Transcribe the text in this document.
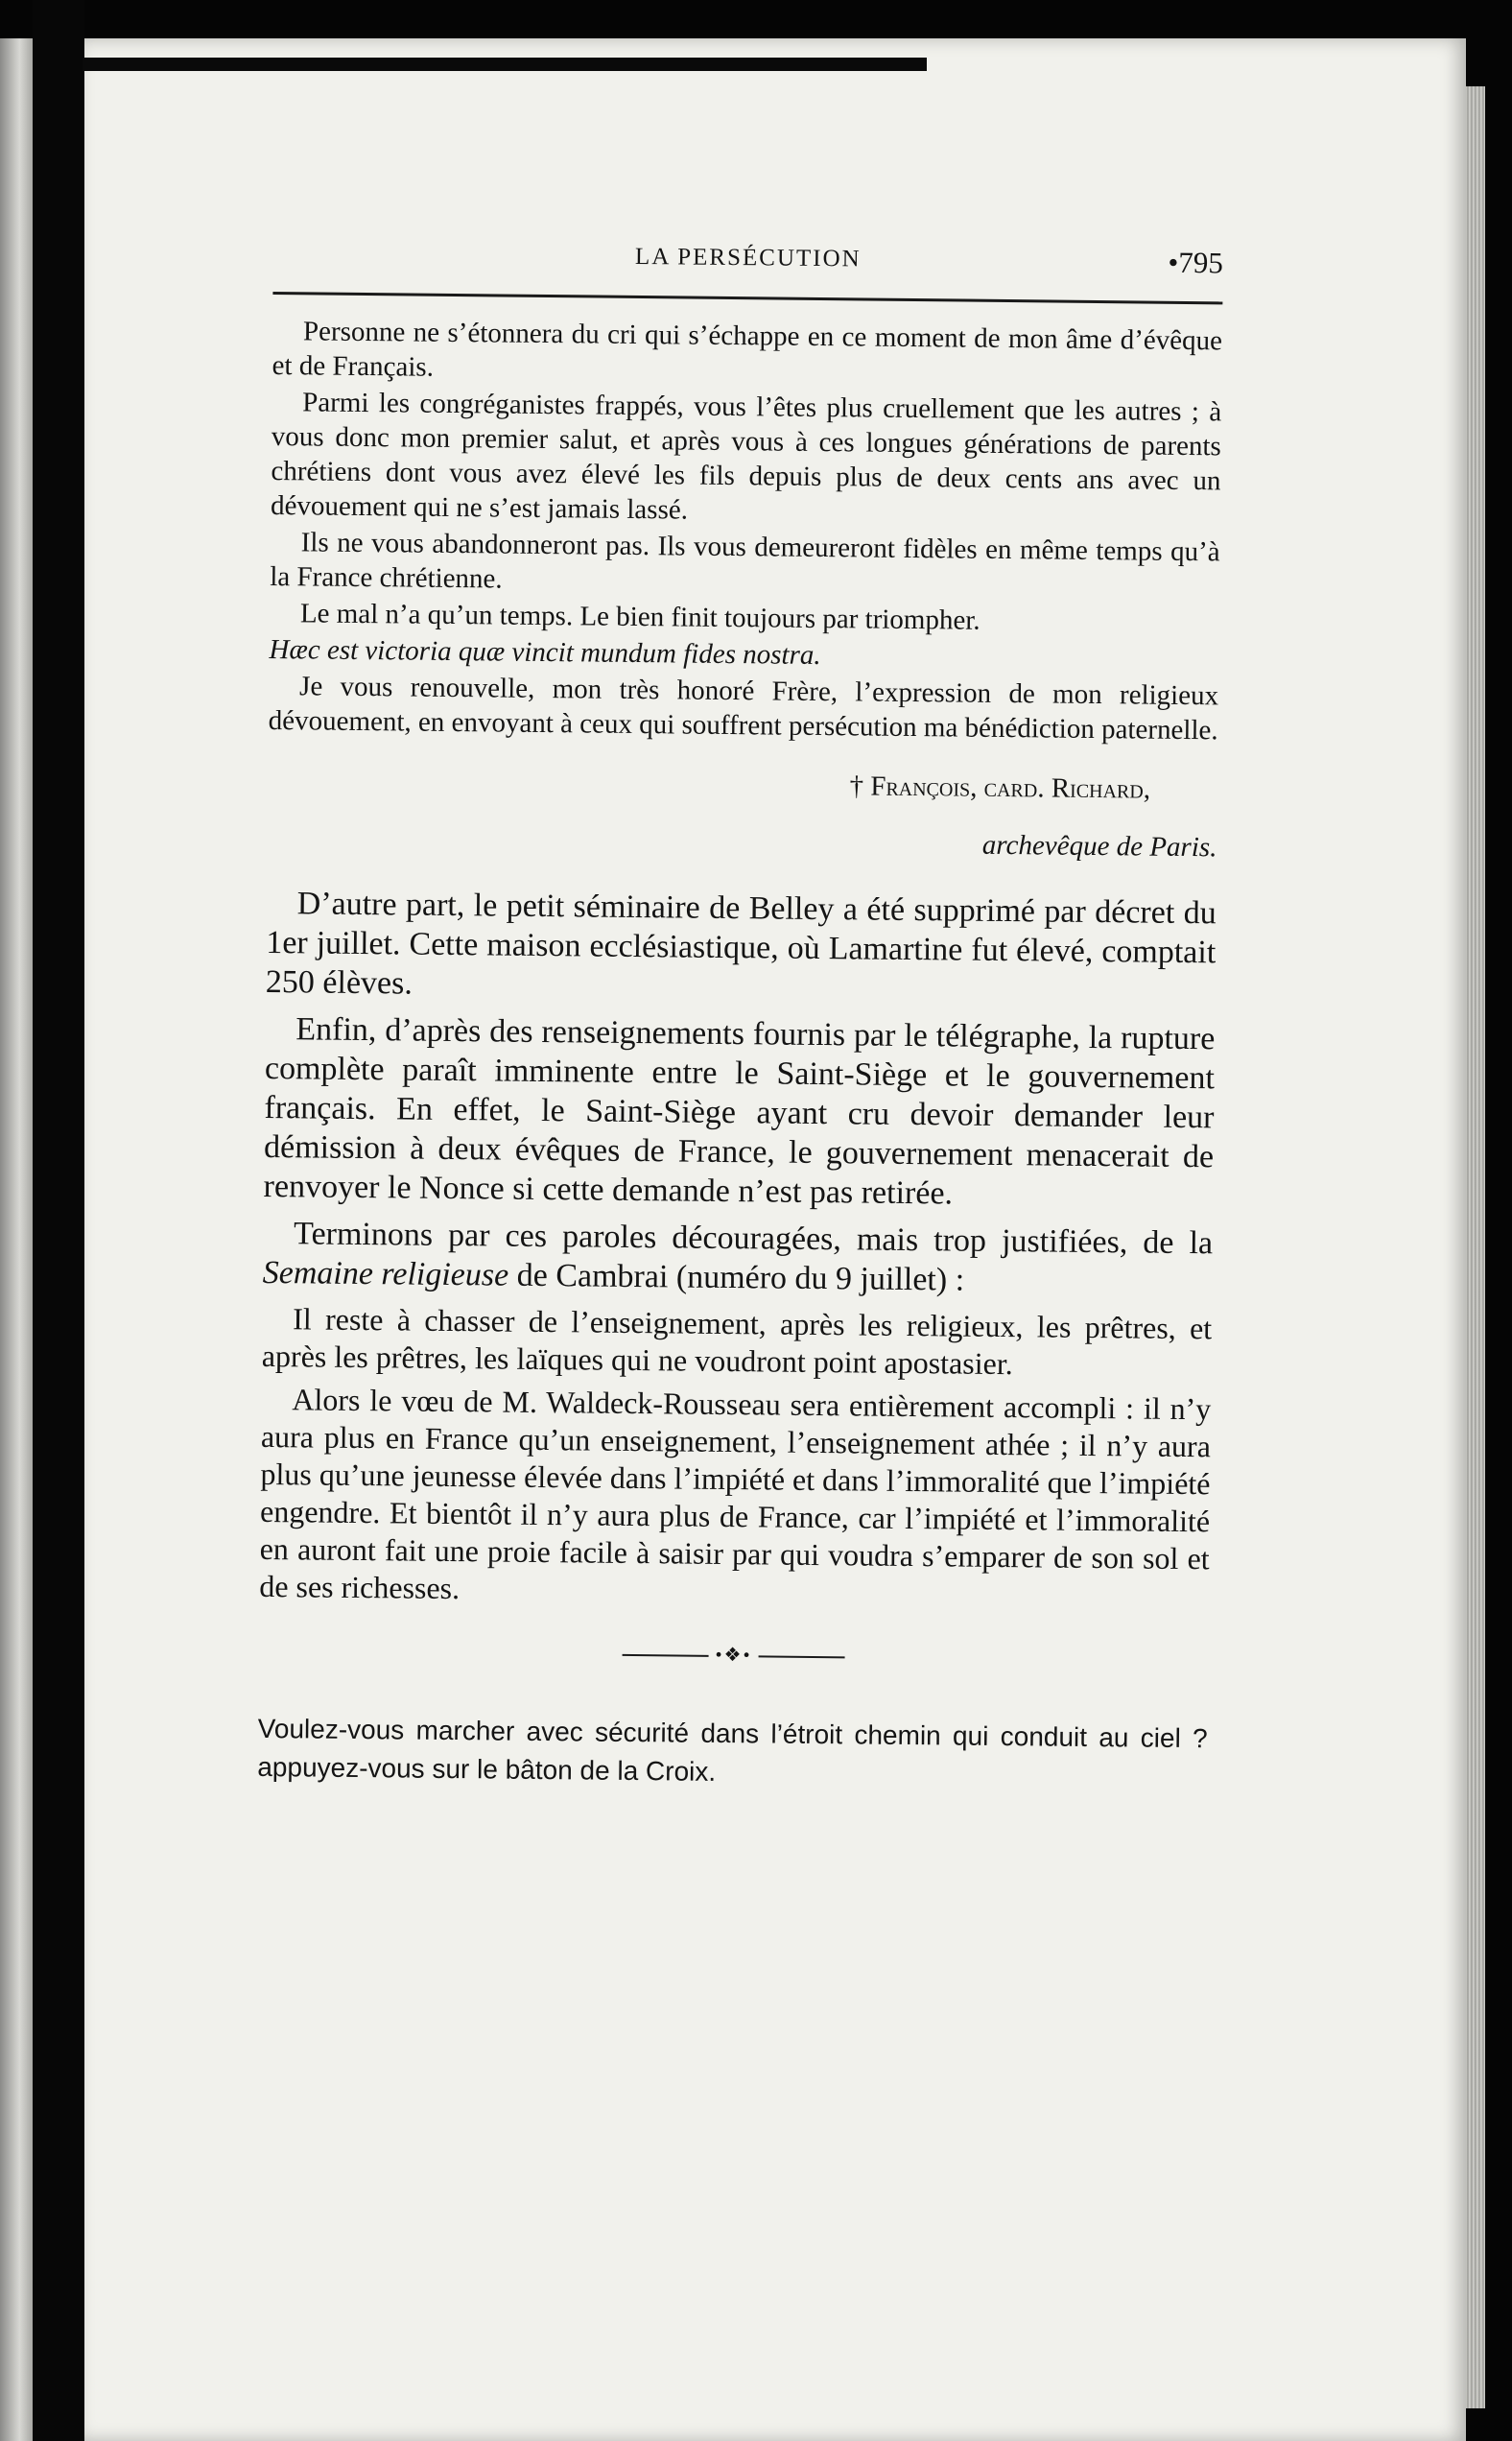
LA PERSÉCUTION	•795

Personne ne s’étonnera du cri qui s’échappe en ce moment de mon âme d’évêque et de Français.

Parmi les congréganistes frappés, vous l’êtes plus cruellement que les autres ; à vous donc mon premier salut, et après vous à ces longues générations de parents chrétiens dont vous avez élevé les fils depuis plus de deux cents ans avec un dévouement qui ne s’est jamais lassé.

Ils ne vous abandonneront pas. Ils vous demeureront fidèles en même temps qu’à la France chrétienne.

Le mal n’a qu’un temps. Le bien finit toujours par triompher.

Hæc est victoria quæ vincit mundum fides nostra.

Je vous renouvelle, mon très honoré Frère, l’expression de mon religieux dévouement, en envoyant à ceux qui souffrent persécution ma bénédiction paternelle.

† François, card. Richard,
archevêque de Paris.

D’autre part, le petit séminaire de Belley a été supprimé par décret du 1er juillet. Cette maison ecclésiastique, où Lamartine fut élevé, comptait 250 élèves.

Enfin, d’après des renseignements fournis par le télégraphe, la rupture complète paraît imminente entre le Saint-Siège et le gouvernement français. En effet, le Saint-Siège ayant cru devoir demander leur démission à deux évêques de France, le gouvernement menacerait de renvoyer le Nonce si cette demande n’est pas retirée.

Terminons par ces paroles découragées, mais trop justifiées, de la Semaine religieuse de Cambrai (numéro du 9 juillet) :

Il reste à chasser de l’enseignement, après les religieux, les prêtres, et après les prêtres, les laïques qui ne voudront point apostasier.

Alors le vœu de M. Waldeck-Rousseau sera entièrement accompli : il n’y aura plus en France qu’un enseignement, l’enseignement athée ; il n’y aura plus qu’une jeunesse élevée dans l’impiété et dans l’immoralité que l’impiété engendre. Et bientôt il n’y aura plus de France, car l’impiété et l’immoralité en auront fait une proie facile à saisir par qui voudra s’emparer de son sol et de ses richesses.

•❖•

Voulez-vous marcher avec sécurité dans l’étroit chemin qui conduit au ciel ? appuyez-vous sur le bâton de la Croix.
